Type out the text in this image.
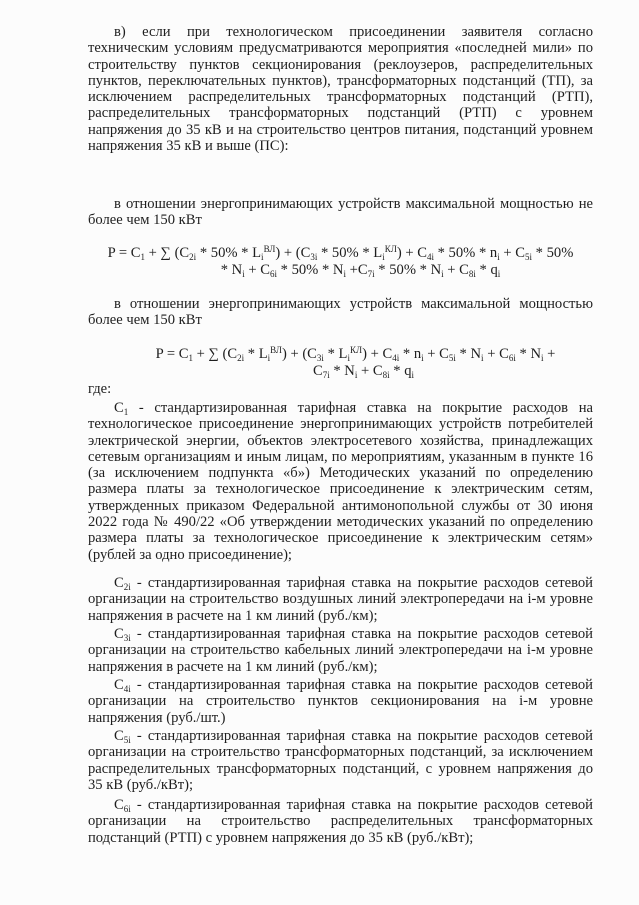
в) если при технологическом присоединении заявителя согласно техническим условиям предусматриваются мероприятия «последней мили» по строительству пунктов секционирования (реклоузеров, распределительных пунктов, переключательных пунктов), трансформаторных подстанций (ТП), за исключением распределительных трансформаторных подстанций (РТП), распределительных трансформаторных подстанций (РТП) с уровнем напряжения до 35 кВ и на строительство центров питания, подстанций уровнем напряжения 35 кВ и выше (ПС):

в отношении энергопринимающих устройств максимальной мощностью не более чем 150 кВт

$P = C_1$ + ∑ $(C_{2i} * 50\% * L_i^{ВЛ}) + (C_{3i} * 50\% * L_i^{КЛ}) + C_{4i} * 50\% * n_i + C_{5i} * 50\%$
* $N_i + C_{6i} * 50\% * N_i +C_{7i} * 50\% * N_i + C_{8i} * q_i$

в отношении энергопринимающих устройств максимальной мощностью более чем 150 кВт

$P = C_1$ + ∑ $(C_{2i} * L_i^{ВЛ}) + (C_{3i} * L_i^{КЛ}) + C_{4i} * n_i + C_{5i} * N_i + C_{6i} * N_i$ +
$C_{7i} * N_i + C_{8i} * q_i$

где:

$C_1$ - стандартизированная тарифная ставка на покрытие расходов на технологическое присоединение энергопринимающих устройств потребителей электрической энергии, объектов электросетевого хозяйства, принадлежащих сетевым организациям и иным лицам, по мероприятиям, указанным в пункте 16 (за исключением подпункта «б») Методических указаний по определению размера платы за технологическое присоединение к электрическим сетям, утвержденных приказом Федеральной антимонопольной службы от 30 июня 2022 года № 490/22 «Об утверждении методических указаний по определению размера платы за технологическое присоединение к электрическим сетям» (рублей за одно присоединение);

$C_{2i}$ - стандартизированная тарифная ставка на покрытие расходов сетевой организации на строительство воздушных линий электропередачи на i-м уровне напряжения в расчете на 1 км линий (руб./км);

$C_{3i}$ - стандартизированная тарифная ставка на покрытие расходов сетевой организации на строительство кабельных линий электропередачи на i-м уровне напряжения в расчете на 1 км линий (руб./км);

$C_{4i}$ - стандартизированная тарифная ставка на покрытие расходов сетевой организации на строительство пунктов секционирования на i-м уровне напряжения (руб./шт.)

$C_{5i}$ - стандартизированная тарифная ставка на покрытие расходов сетевой организации на строительство трансформаторных подстанций, за исключением распределительных трансформаторных подстанций, с уровнем напряжения до 35 кВ (руб./кВт);

$C_{6i}$ - стандартизированная тарифная ставка на покрытие расходов сетевой организации на строительство распределительных трансформаторных подстанций (РТП) с уровнем напряжения до 35 кВ (руб./кВт);
